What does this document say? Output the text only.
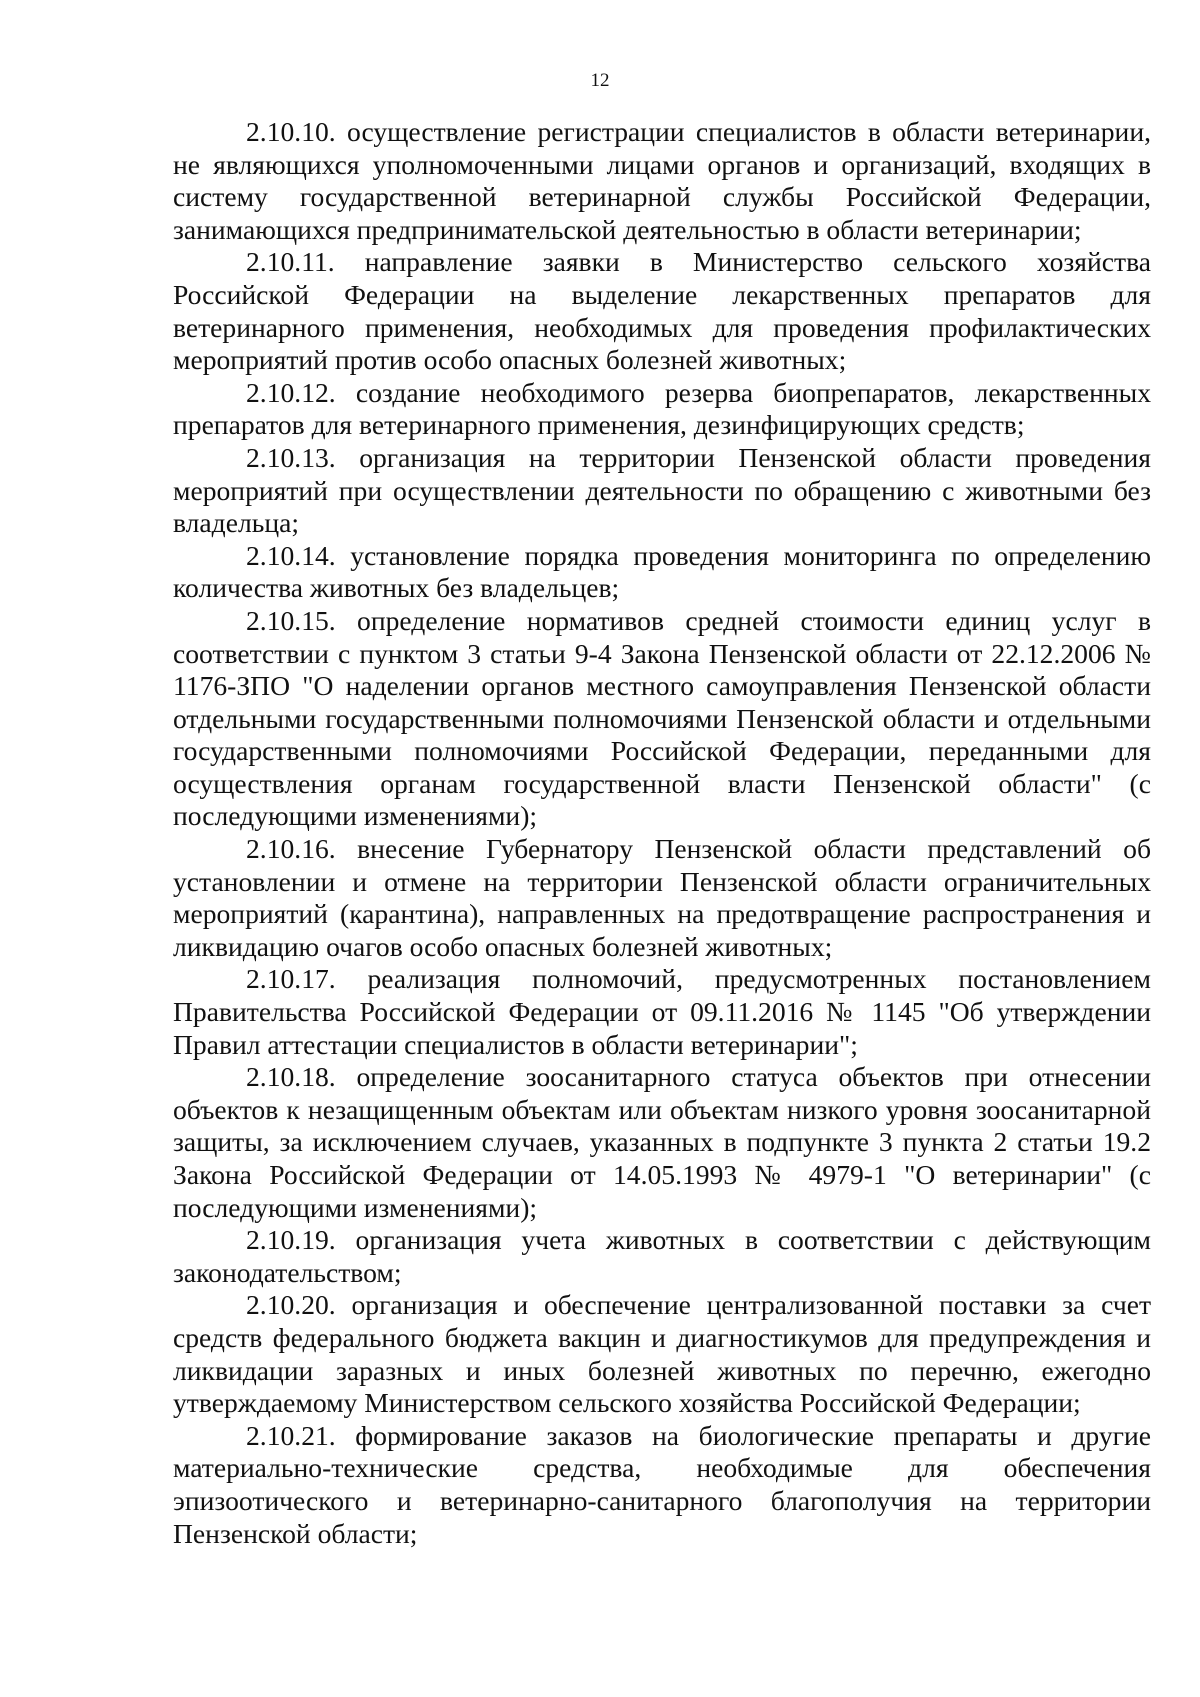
12

2.10.10. осуществление регистрации специалистов в области ветеринарии, не являющихся уполномоченными лицами органов и организаций, входящих в систему государственной ветеринарной службы Российской Федерации, занимающихся предпринимательской деятельностью в области ветеринарии;

2.10.11. направление заявки в Министерство сельского хозяйства Российской Федерации на выделение лекарственных препаратов для ветеринарного применения, необходимых для проведения профилактических мероприятий против особо опасных болезней животных;

2.10.12. создание необходимого резерва биопрепаратов, лекарственных препаратов для ветеринарного применения, дезинфицирующих средств;

2.10.13. организация на территории Пензенской области проведения мероприятий при осуществлении деятельности по обращению с животными без владельца;

2.10.14. установление порядка проведения мониторинга по определению количества животных без владельцев;

2.10.15. определение нормативов средней стоимости единиц услуг в соответствии с пунктом 3 статьи 9-4 Закона Пензенской области от 22.12.2006 № 1176-ЗПО "О наделении органов местного самоуправления Пензенской области отдельными государственными полномочиями Пензенской области и отдельными государственными полномочиями Российской Федерации, переданными для осуществления органам государственной власти Пензенской области" (с последующими изменениями);

2.10.16. внесение Губернатору Пензенской области представлений об установлении и отмене на территории Пензенской области ограничительных мероприятий (карантина), направленных на предотвращение распространения и ликвидацию очагов особо опасных болезней животных;

2.10.17. реализация полномочий, предусмотренных постановлением Правительства Российской Федерации от 09.11.2016 № 1145 "Об утверждении Правил аттестации специалистов в области ветеринарии";

2.10.18. определение зоосанитарного статуса объектов при отнесении объектов к незащищенным объектам или объектам низкого уровня зоосанитарной защиты, за исключением случаев, указанных в подпункте 3 пункта 2 статьи 19.2 Закона Российской Федерации от 14.05.1993 № 4979-1 "О ветеринарии" (с последующими изменениями);

2.10.19. организация учета животных в соответствии с действующим законодательством;

2.10.20. организация и обеспечение централизованной поставки за счет средств федерального бюджета вакцин и диагностикумов для предупреждения и ликвидации заразных и иных болезней животных по перечню, ежегодно утверждаемому Министерством сельского хозяйства Российской Федерации;

2.10.21. формирование заказов на биологические препараты и другие материально-технические средства, необходимые для обеспечения эпизоотического и ветеринарно-санитарного благополучия на территории Пензенской области;
